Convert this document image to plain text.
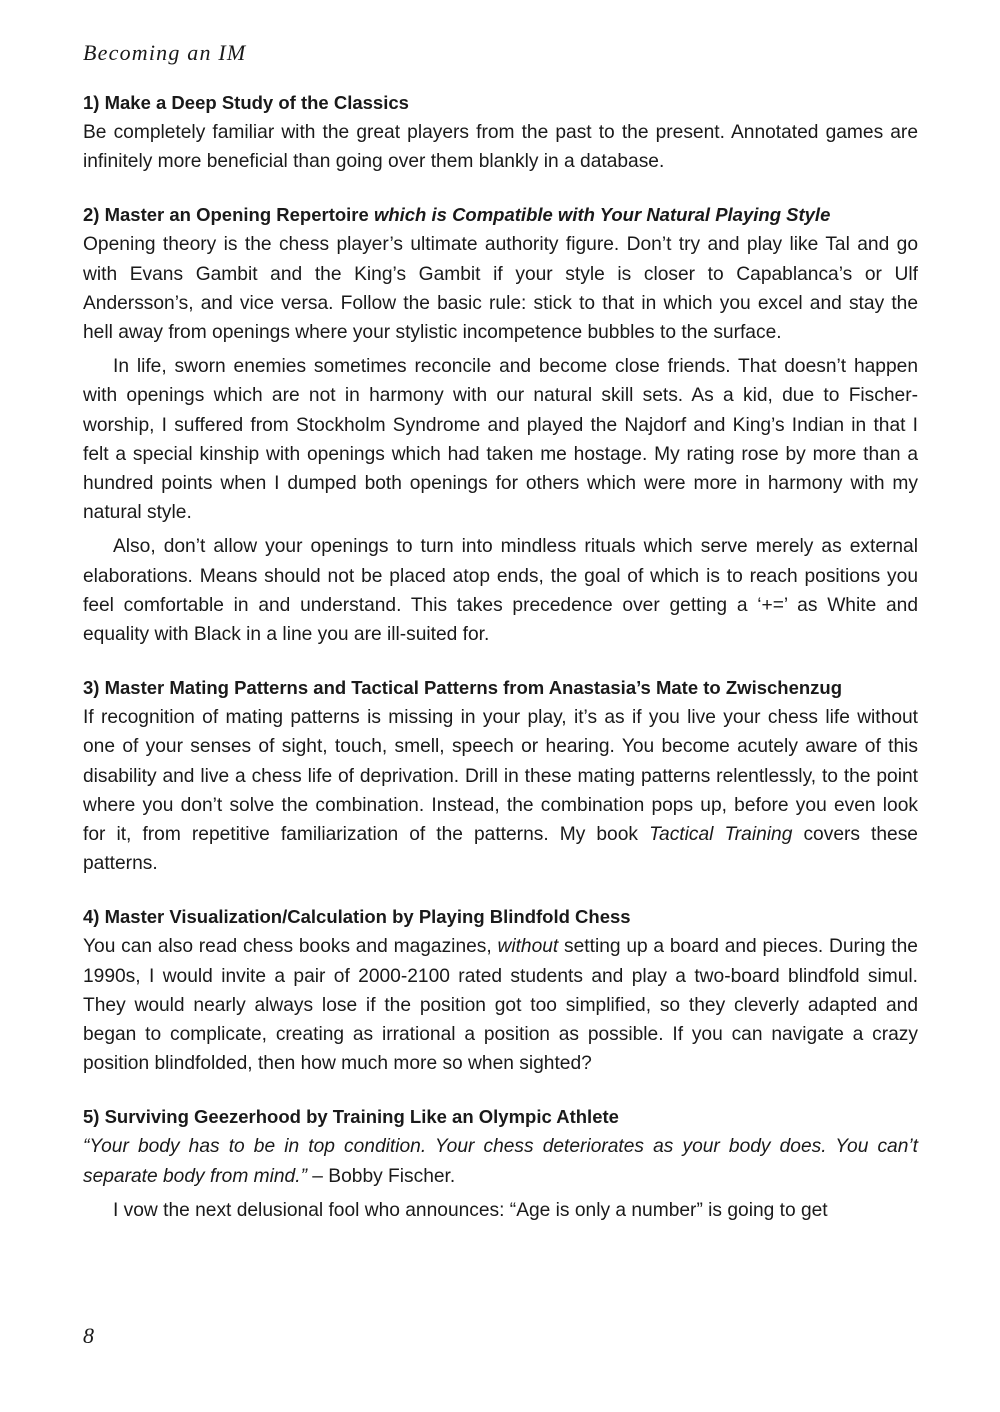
Becoming an IM

1) Make a Deep Study of the Classics

Be completely familiar with the great players from the past to the present. Annotated games are infinitely more beneficial than going over them blankly in a database.

2) Master an Opening Repertoire which is Compatible with Your Natural Playing Style

Opening theory is the chess player’s ultimate authority figure. Don’t try and play like Tal and go with Evans Gambit and the King’s Gambit if your style is closer to Capablanca’s or Ulf Andersson’s, and vice versa. Follow the basic rule: stick to that in which you excel and stay the hell away from openings where your stylistic incompetence bubbles to the surface.

In life, sworn enemies sometimes reconcile and become close friends. That doesn’t happen with openings which are not in harmony with our natural skill sets. As a kid, due to Fischer-worship, I suffered from Stockholm Syndrome and played the Najdorf and King’s Indian in that I felt a special kinship with openings which had taken me hostage. My rating rose by more than a hundred points when I dumped both openings for others which were more in harmony with my natural style.

Also, don’t allow your openings to turn into mindless rituals which serve merely as external elaborations. Means should not be placed atop ends, the goal of which is to reach positions you feel comfortable in and understand. This takes precedence over getting a ‘+=’ as White and equality with Black in a line you are ill-suited for.

3) Master Mating Patterns and Tactical Patterns from Anastasia’s Mate to Zwischenzug

If recognition of mating patterns is missing in your play, it’s as if you live your chess life without one of your senses of sight, touch, smell, speech or hearing. You become acutely aware of this disability and live a chess life of deprivation. Drill in these mating patterns relentlessly, to the point where you don’t solve the combination. Instead, the combination pops up, before you even look for it, from repetitive familiarization of the patterns. My book Tactical Training covers these patterns.

4) Master Visualization/Calculation by Playing Blindfold Chess

You can also read chess books and magazines, without setting up a board and pieces. During the 1990s, I would invite a pair of 2000-2100 rated students and play a two-board blindfold simul. They would nearly always lose if the position got too simplified, so they cleverly adapted and began to complicate, creating as irrational a position as possible. If you can navigate a crazy position blindfolded, then how much more so when sighted?

5) Surviving Geezerhood by Training Like an Olympic Athlete

“Your body has to be in top condition. Your chess deteriorates as your body does. You can’t separate body from mind.” – Bobby Fischer.

I vow the next delusional fool who announces: “Age is only a number” is going to get

8
